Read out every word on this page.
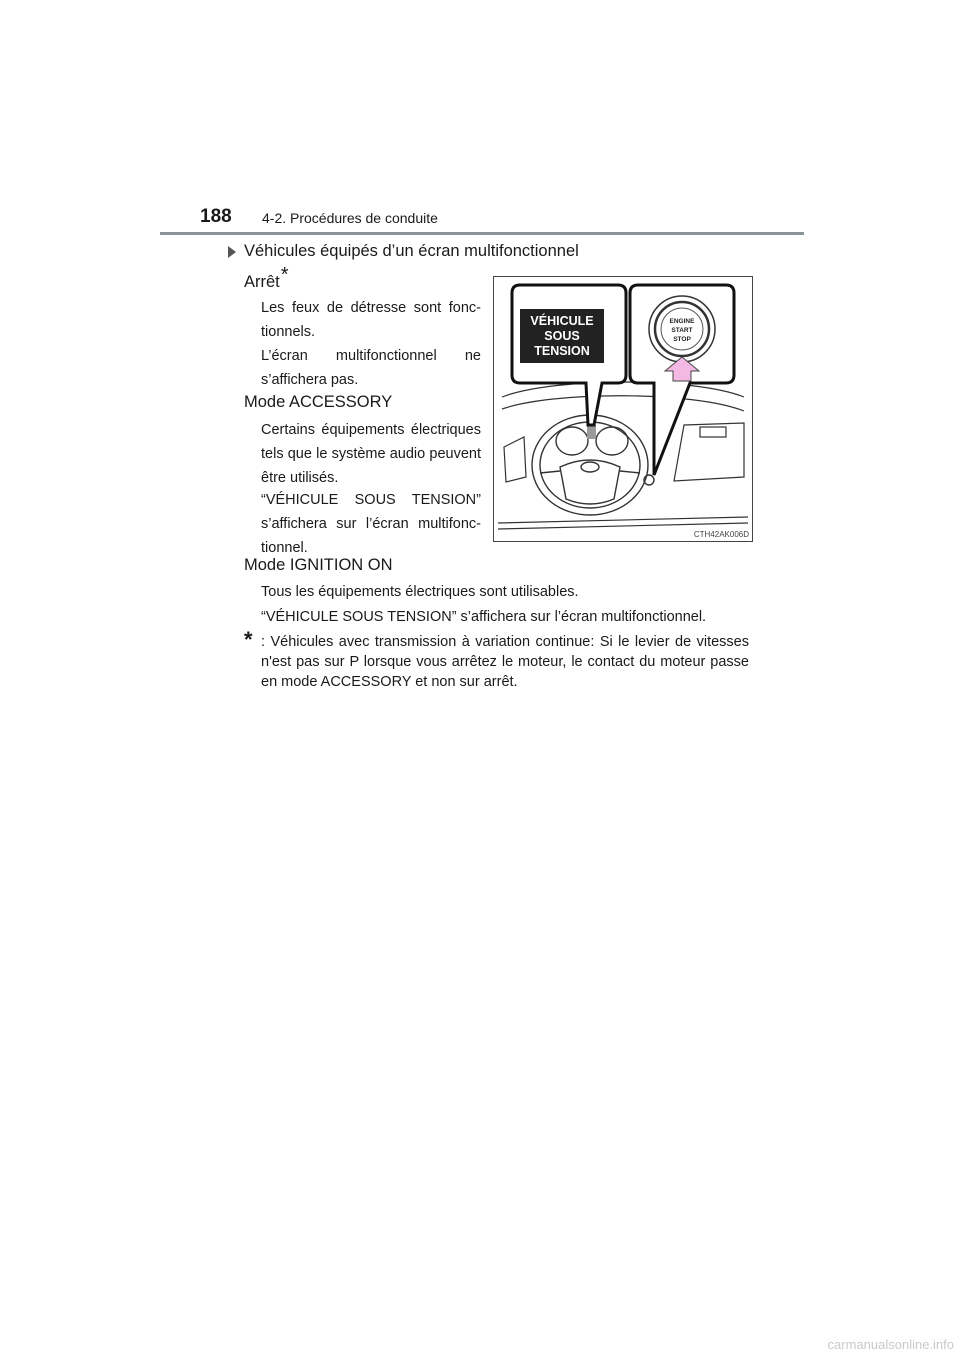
188 4-2. Procédures de conduite
Véhicules équipés d’un écran multifonctionnel
Arrêt*

Les feux de détresse sont fonctionnels.

L’écran multifonctionnel ne s’affichera pas.

Mode ACCESSORY

Certains équipements électriques tels que le système audio peuvent être utilisés.

“VÉHICULE SOUS TENSION” s’affichera sur l’écran multifonctionnel.

Mode IGNITION ON

Tous les équipements électriques sont utilisables.

“VÉHICULE SOUS TENSION” s’affichera sur l’écran multifonctionnel.

* : Véhicules avec transmission à variation continue: Si le levier de vitesses n'est pas sur P lorsque vous arrêtez le moteur, le contact du moteur passe en mode ACCESSORY et non sur arrêt.
VÉHICULE
SOUS
TENSION
ENGINE
START
STOP
CTH42AK006D
carmanualsonline.info
